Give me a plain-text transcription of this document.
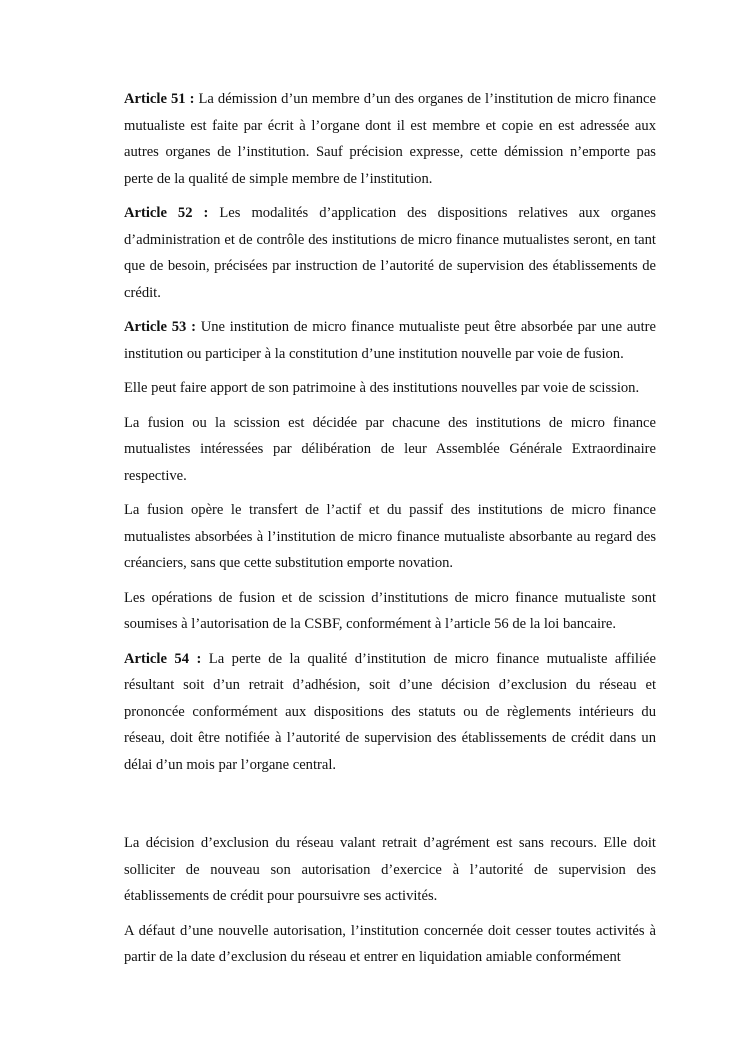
Article 51 : La démission d’un membre d’un des organes de l’institution de micro finance mutualiste est faite par écrit à l’organe dont il est membre et copie en est adressée aux autres organes de l’institution. Sauf précision expresse, cette démission n’emporte pas perte de la qualité de simple membre de l’institution.

Article 52 : Les modalités d’application des dispositions relatives aux organes d’administration et de contrôle des institutions de micro finance mutualistes seront, en tant que de besoin, précisées par instruction de l’autorité de supervision des établissements de crédit.

Article 53 : Une institution de micro finance mutualiste peut être absorbée par une autre institution ou participer à la constitution d’une institution nouvelle par voie de fusion.

Elle peut faire apport de son patrimoine à des institutions nouvelles par voie de scission.

La fusion ou la scission est décidée par chacune des institutions de micro finance mutualistes intéressées par délibération de leur Assemblée Générale Extraordinaire respective.

La fusion opère le transfert de l’actif et du passif des institutions de micro finance mutualistes absorbées à l’institution de micro finance mutualiste absorbante au regard des créanciers, sans que cette substitution emporte novation.

Les opérations de fusion et de scission d’institutions de micro finance mutualiste sont soumises à l’autorisation de la CSBF, conformément à l’article 56 de la loi bancaire.

Article 54 : La perte de la qualité d’institution de micro finance mutualiste affiliée résultant soit d’un retrait d’adhésion, soit d’une décision d’exclusion du réseau et prononcée conformément aux dispositions des statuts ou de règlements intérieurs du réseau, doit être notifiée à l’autorité de supervision des établissements de crédit dans un délai d’un mois par l’organe central.

La décision d’exclusion du réseau valant retrait d’agrément est sans recours. Elle doit solliciter de nouveau son autorisation d’exercice à l’autorité de supervision des établissements de crédit pour poursuivre ses activités.

A défaut d’une nouvelle autorisation, l’institution concernée doit cesser toutes activités à partir de la date d’exclusion du réseau et entrer en liquidation amiable conformément
